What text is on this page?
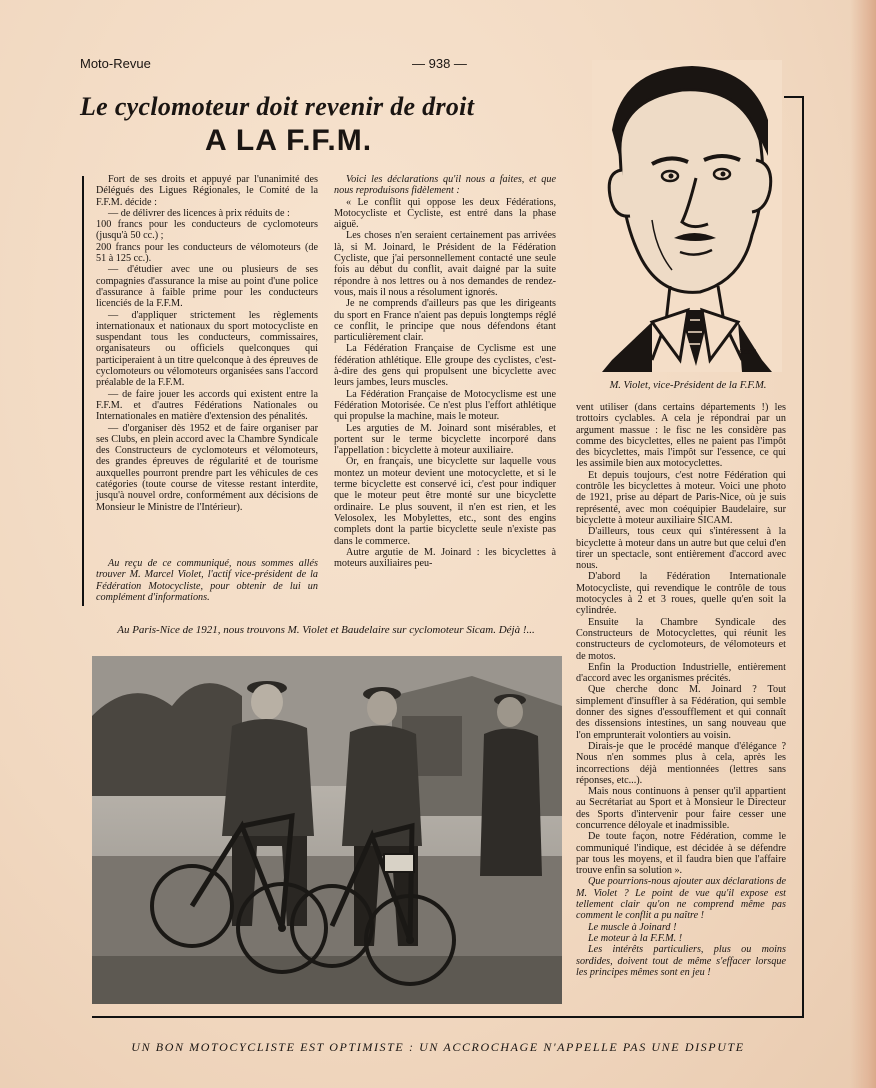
Moto-Revue	— 938 —
Le cyclomoteur doit revenir de droit
A LA F.F.M.
Aacy
M. Violet, vice-Président de la F.F.M.

Fort de ses droits et appuyé par l'unanimité des Délégués des Ligues Régionales, le Comité de la F.F.M. décide :

— de délivrer des licences à prix réduits de :

100 francs pour les conducteurs de cyclomoteurs (jusqu'à 50 cc.) ;

200 francs pour les conducteurs de vélomoteurs (de 51 à 125 cc.).

— d'étudier avec une ou plusieurs de ses compagnies d'assurance la mise au point d'une police d'assurance à faible prime pour les conducteurs licenciés de la F.F.M.

— d'appliquer strictement les règlements internationaux et nationaux du sport motocycliste en suspendant tous les conducteurs, commissaires, organisateurs ou officiels quelconques qui participeraient à un titre quelconque à des épreuves de cyclomoteurs ou vélomoteurs organisées sans l'accord préalable de la F.F.M.

— de faire jouer les accords qui existent entre la F.F.M. et d'autres Fédérations Nationales ou Internationales en matière d'extension des pénalités.

— d'organiser dès 1952 et de faire organiser par ses Clubs, en plein accord avec la Chambre Syndicale des Constructeurs de cyclomoteurs et vélomoteurs, des grandes épreuves de régularité et de tourisme auxquelles pourront prendre part les véhicules de ces catégories (toute course de vitesse restant interdite, jusqu'à nouvel ordre, conformément aux décisions de Monsieur le Ministre de l'Intérieur).

Au reçu de ce communiqué, nous sommes allés trouver M. Marcel Violet, l'actif vice-président de la Fédération Motocycliste, pour obtenir de lui un complément d'informations.

Voici les déclarations qu'il nous a faites, et que nous reproduisons fidèlement :

« Le conflit qui oppose les deux Fédérations, Motocycliste et Cycliste, est entré dans la phase aiguë.

Les choses n'en seraient certainement pas arrivées là, si M. Joinard, le Président de la Fédération Cycliste, que j'ai personnellement contacté une seule fois au début du conflit, avait daigné par la suite répondre à nos lettres ou à nos demandes de rendez-vous, mais il nous a résolument ignorés.

Je ne comprends d'ailleurs pas que les dirigeants du sport en France n'aient pas depuis longtemps réglé ce conflit, le principe que nous défendons étant particulièrement clair.

La Fédération Française de Cyclisme est une fédération athlétique. Elle groupe des cyclistes, c'est-à-dire des gens qui propulsent une bicyclette avec leurs jambes, leurs muscles.

La Fédération Française de Motocyclisme est une Fédération Motorisée. Ce n'est plus l'effort athlétique qui propulse la machine, mais le moteur.

Les arguties de M. Joinard sont misérables, et portent sur le terme bicyclette incorporé dans l'appellation : bicyclette à moteur auxiliaire.

Or, en français, une bicyclette sur laquelle vous montez un moteur devient une motocyclette, et si le terme bicyclette est conservé ici, c'est pour indiquer que le moteur peut être monté sur une bicyclette ordinaire. Le plus souvent, il n'en est rien, et les Velosolex, les Mobylettes, etc., sont des engins complets dont la partie bicyclette seule n'existe pas dans le commerce.

Autre argutie de M. Joinard : les bicyclettes à moteurs auxiliaires peu-

vent utiliser (dans certains départements !) les trottoirs cyclables. A cela je répondrai par un argument massue : le fisc ne les considère pas comme des bicyclettes, elles ne paient pas l'impôt des bicyclettes, mais l'impôt sur l'essence, ce qui les assimile bien aux motocyclettes.

Et depuis toujours, c'est notre Fédération qui contrôle les bicyclettes à moteur. Voici une photo de 1921, prise au départ de Paris-Nice, où je suis représenté, avec mon coéquipier Baudelaire, sur bicyclette à moteur auxiliaire SICAM.

D'ailleurs, tous ceux qui s'intéressent à la bicyclette à moteur dans un autre but que celui d'en tirer un spectacle, sont entièrement d'accord avec nous.

D'abord la Fédération Internationale Motocycliste, qui revendique le contrôle de tous motocycles à 2 et 3 roues, quelle qu'en soit la cylindrée.

Ensuite la Chambre Syndicale des Constructeurs de Motocyclettes, qui réunit les constructeurs de cyclomoteurs, de vélomoteurs et de motos.

Enfin la Production Industrielle, entièrement d'accord avec les organismes précités.

Que cherche donc M. Joinard ? Tout simplement d'insuffler à sa Fédération, qui semble donner des signes d'essoufflement et qui connaît des dissensions intestines, un sang nouveau que l'on emprunterait volontiers au voisin.

Dirais-je que le procédé manque d'élégance ? Nous n'en sommes plus à cela, après les incorrections déjà mentionnées (lettres sans réponses, etc...).

Mais nous continuons à penser qu'il appartient au Secrétariat au Sport et à Monsieur le Directeur des Sports d'intervenir pour faire cesser une concurrence déloyale et inadmissible.

De toute façon, notre Fédération, comme le communiqué l'indique, est décidée à se défendre par tous les moyens, et il faudra bien que l'affaire trouve enfin sa solution ».

Que pourrions-nous ajouter aux déclarations de M. Violet ? Le point de vue qu'il expose est tellement clair qu'on ne comprend même pas comment le conflit a pu naître !

Le muscle à Joinard !

Le moteur à la F.F.M. !

Les intérêts particuliers, plus ou moins sordides, doivent tout de même s'effacer lorsque les principes mêmes sont en jeu !

Au Paris-Nice de 1921, nous trouvons M. Violet et Baudelaire sur cyclomoteur Sicam. Déjà !...
UN BON MOTOCYCLISTE EST OPTIMISTE : UN ACCROCHAGE N'APPELLE PAS UNE DISPUTE
